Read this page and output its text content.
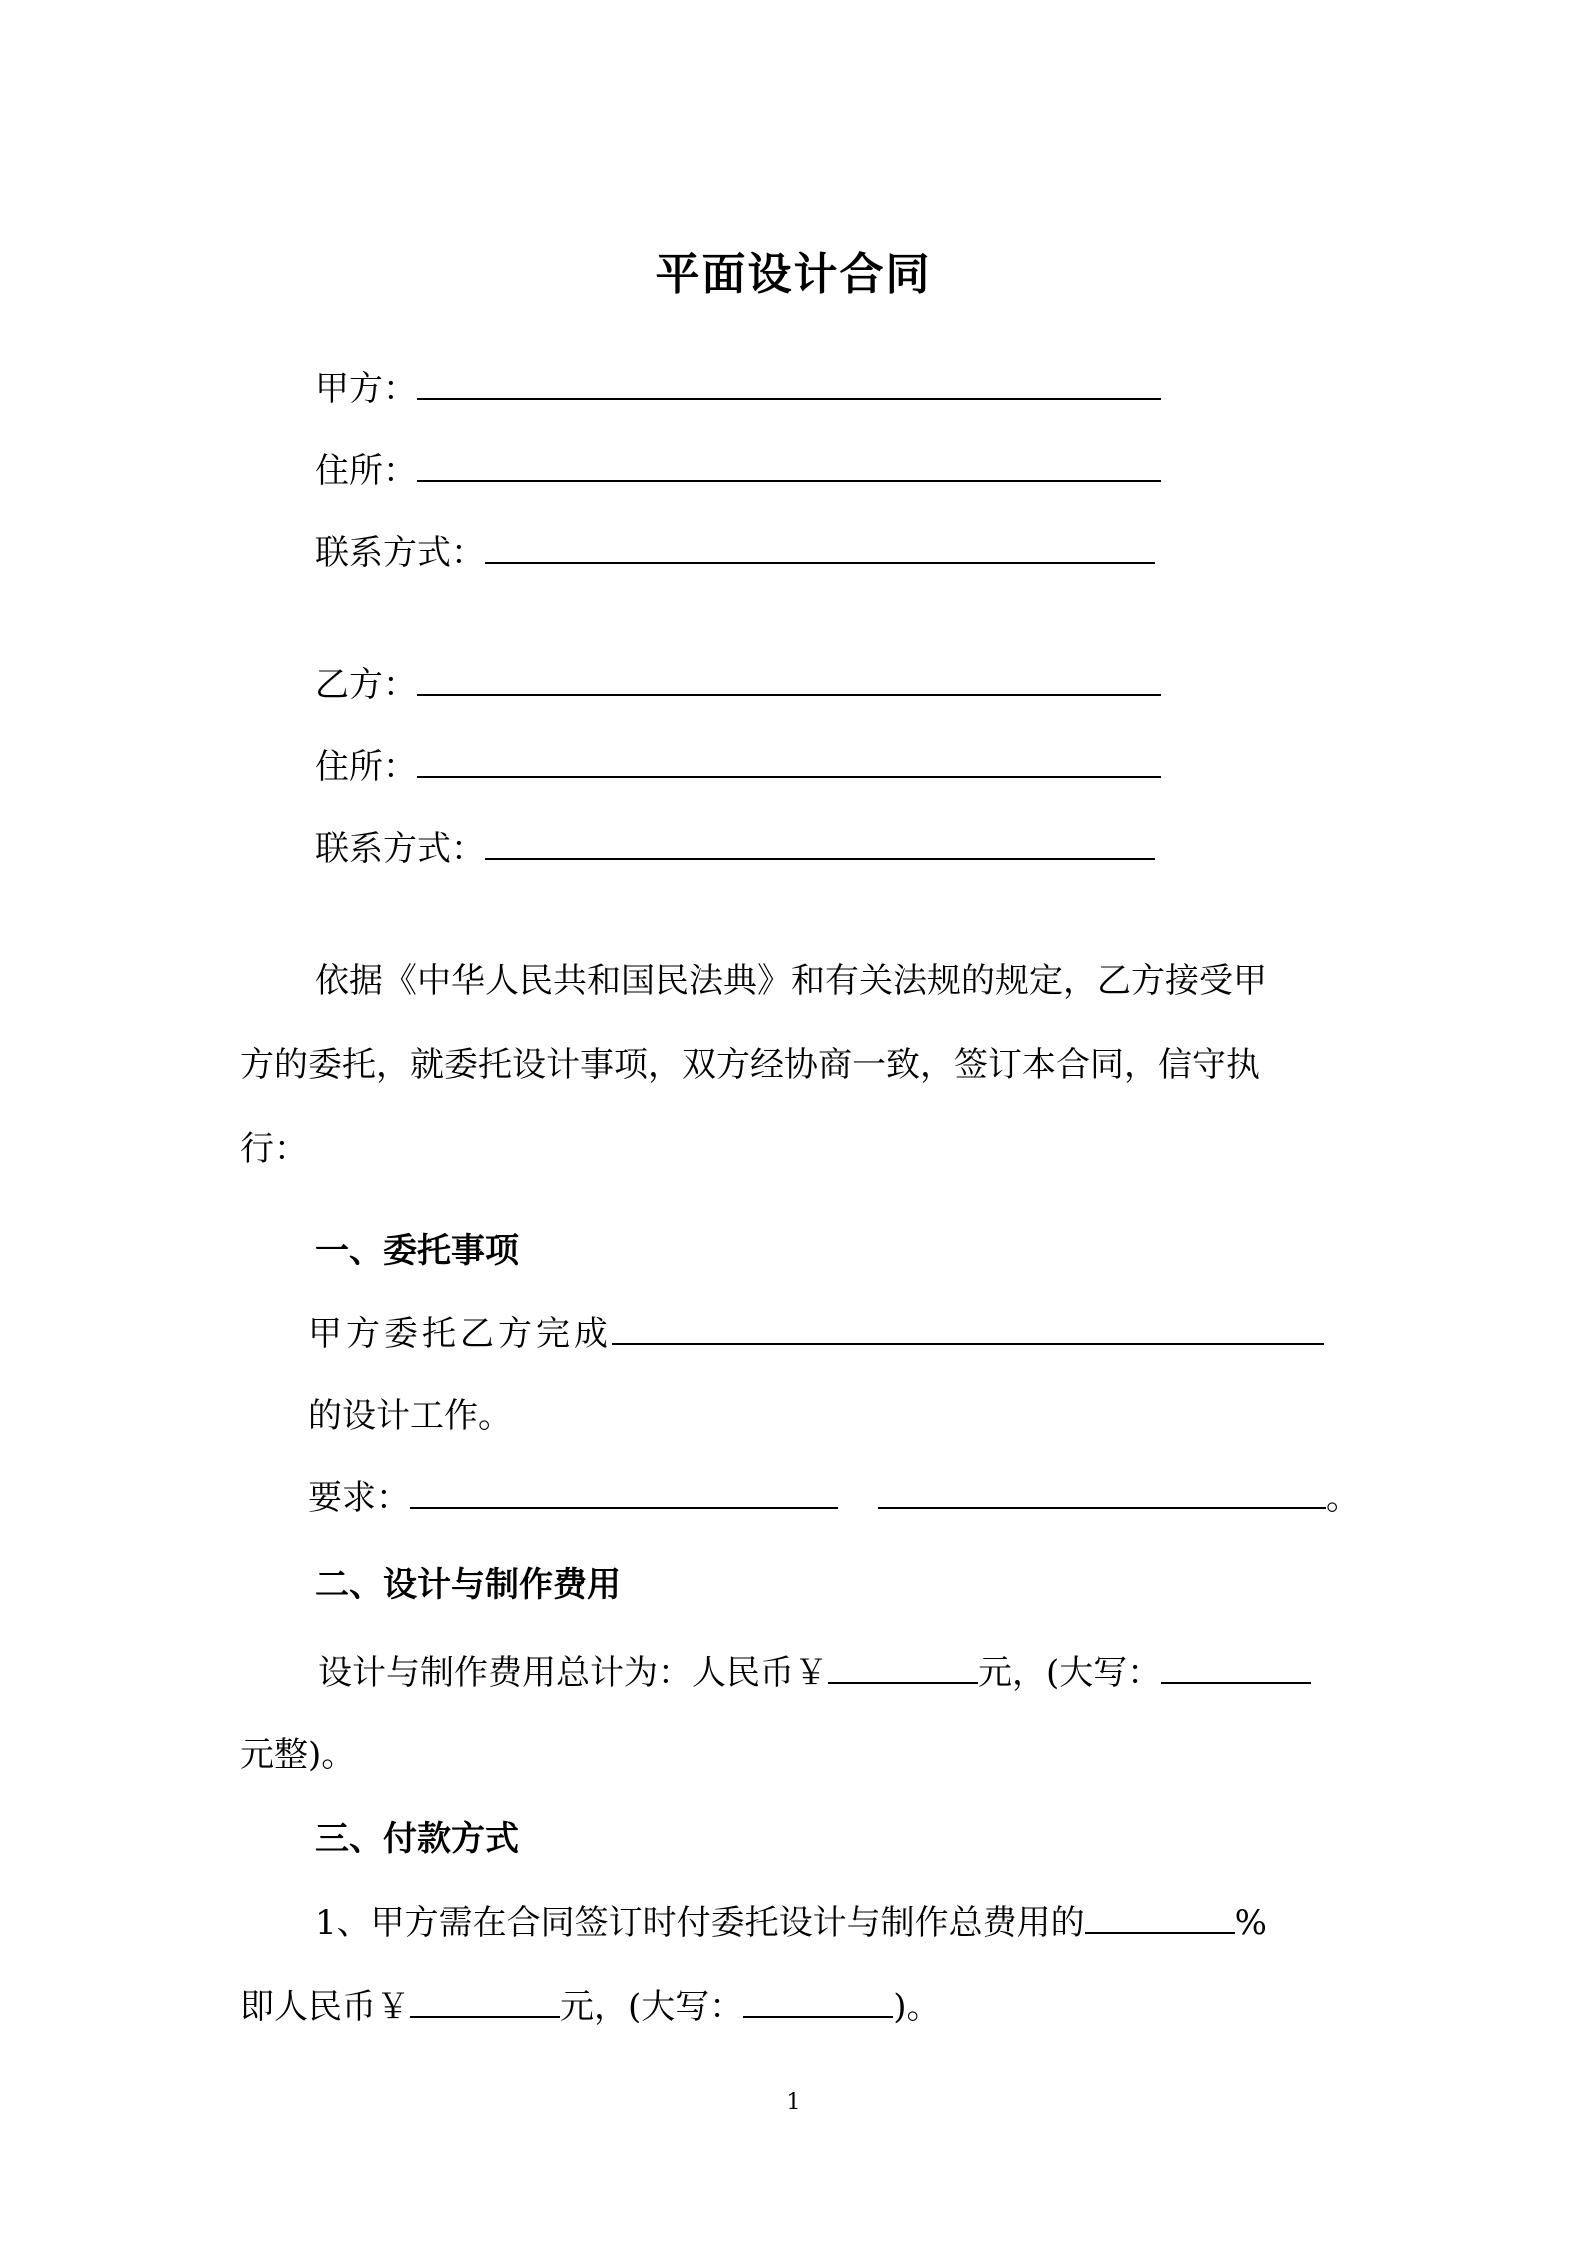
平面设计合同
甲方：
住所：
联系方式：
乙方：
住所：
联系方式：
依据《中华人民共和国民法典》和有关法规的规定，乙方接受甲
方的委托，就委托设计事项，双方经协商一致，签订本合同，信守执
行：
一、委托事项
甲方委托乙方完成
的设计工作。
要求：	。
二、设计与制作费用
设计与制作费用总计为：人民币￥	元，(大写：
元整)。
三、付款方式
1、甲方需在合同签订时付委托设计与制作总费用的	%
即人民币￥	元，(大写：	)。
1
